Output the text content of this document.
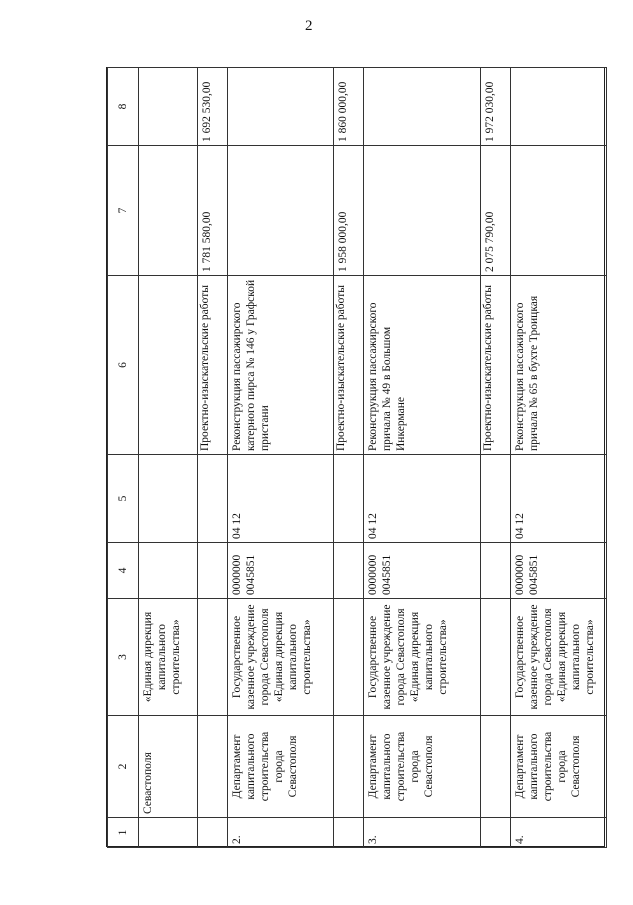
2
1	2	3	4	5	6	7	8
	Севастополя	«Единая дирекция капитального строительства»					
					Проектно-изыскательские работы	1 781 580,00	1 692 530,00
2.	Департамент капитального строительства города Севастополя	Государственное казенное учреждение города Севастополя «Единая дирекция капитального строительства»	0000000 0045851	04 12	Реконструкция пассажирского катерного пирса № 146 у Графской пристани		
					Проектно-изыскательские работы	1 958 000,00	1 860 000,00
3.	Департамент капитального строительства города Севастополя	Государственное казенное учреждение города Севастополя «Единая дирекция капитального строительства»	0000000 0045851	04 12	Реконструкция пассажирского причала № 49 в Большом Инкермане		
					Проектно-изыскательские работы	2 075 790,00	1 972 030,00
4.	Департамент капитального строительства города Севастополя	Государственное казенное учреждение города Севастополя «Единая дирекция капитального строительства»	0000000 0045851	04 12	Реконструкция пассажирского причала № 65 в бухте Троицкая		
